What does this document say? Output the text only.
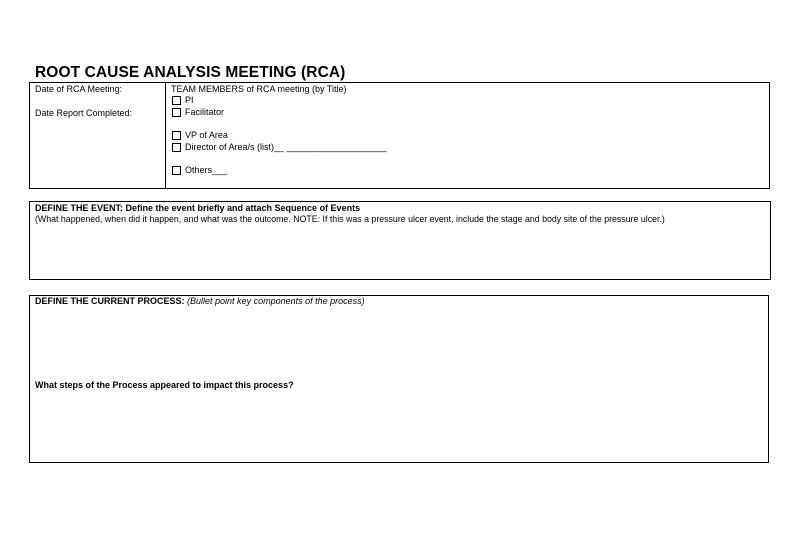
ROOT CAUSE ANALYSIS MEETING (RCA)
Date of RCA Meeting:
Date Report Completed:
TEAM MEMBERS of RCA meeting (by Title)
PI
Facilitator
VP of Area
Director of Area/s (list)__ ____________________
Others___
DEFINE THE EVENT: Define the event briefly and attach Sequence of Events
(What happened, when did it happen, and what was the outcome. NOTE: If this was a pressure ulcer event, include the stage and body site of the pressure ulcer.)
DEFINE THE CURRENT PROCESS: (Bullet point key components of the process)
What steps of the Process appeared to impact this process?
